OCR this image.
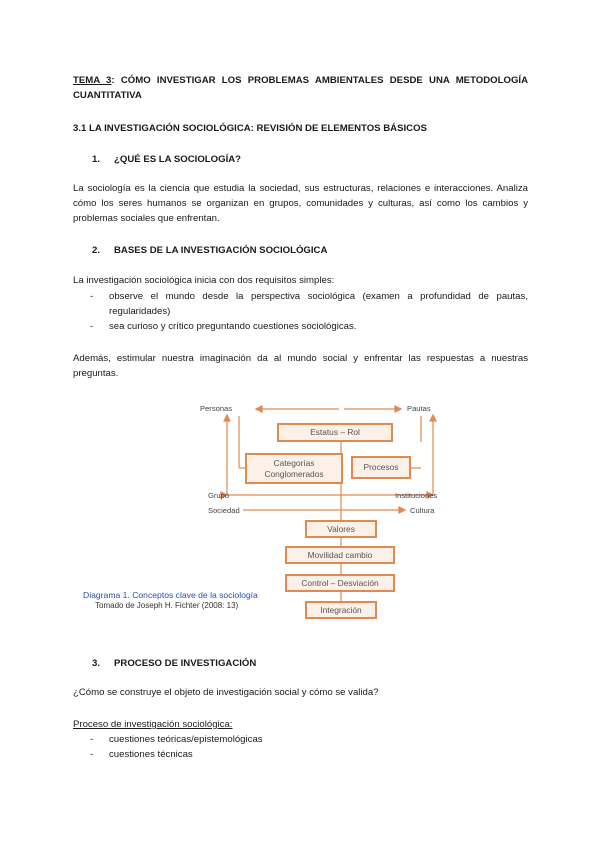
TEMA 3: CÓMO INVESTIGAR LOS PROBLEMAS AMBIENTALES DESDE UNA METODOLOGÍA CUANTITATIVA
3.1 LA INVESTIGACIÓN SOCIOLÓGICA: REVISIÓN DE ELEMENTOS BÁSICOS
1. ¿QUÉ ES LA SOCIOLOGÍA?
La sociología es la ciencia que estudia la sociedad, sus estructuras, relaciones e interacciones. Analiza cómo los seres humanos se organizan en grupos, comunidades y culturas, así como los cambios y problemas sociales que enfrentan.
2. BASES DE LA INVESTIGACIÓN SOCIOLÓGICA
La investigación sociológica inicia con dos requisitos simples:
- observe el mundo desde la perspectiva sociológica (examen a profundidad de pautas, regularidades)
- sea curioso y crítico preguntando cuestiones sociológicas.
Además, estimular nuestra imaginación da al mundo social y enfrentar las respuestas a nuestras preguntas.
Personas	Pautas
Grupo
Sociedad
Instituciones
Cultura
Estatus – Rol
Categorías
Conglomerados
Procesos
Valores
Movilidad cambio
Control – Desviación
Integración
Diagrama 1. Conceptos clave de la sociología
Tomado de Joseph H. Fichter (2008: 13)
3. PROCESO DE INVESTIGACIÓN
¿Cómo se construye el objeto de investigación social y cómo se valida?
Proceso de investigación sociológica:
- cuestiones teóricas/epistemológicas
- cuestiones técnicas
